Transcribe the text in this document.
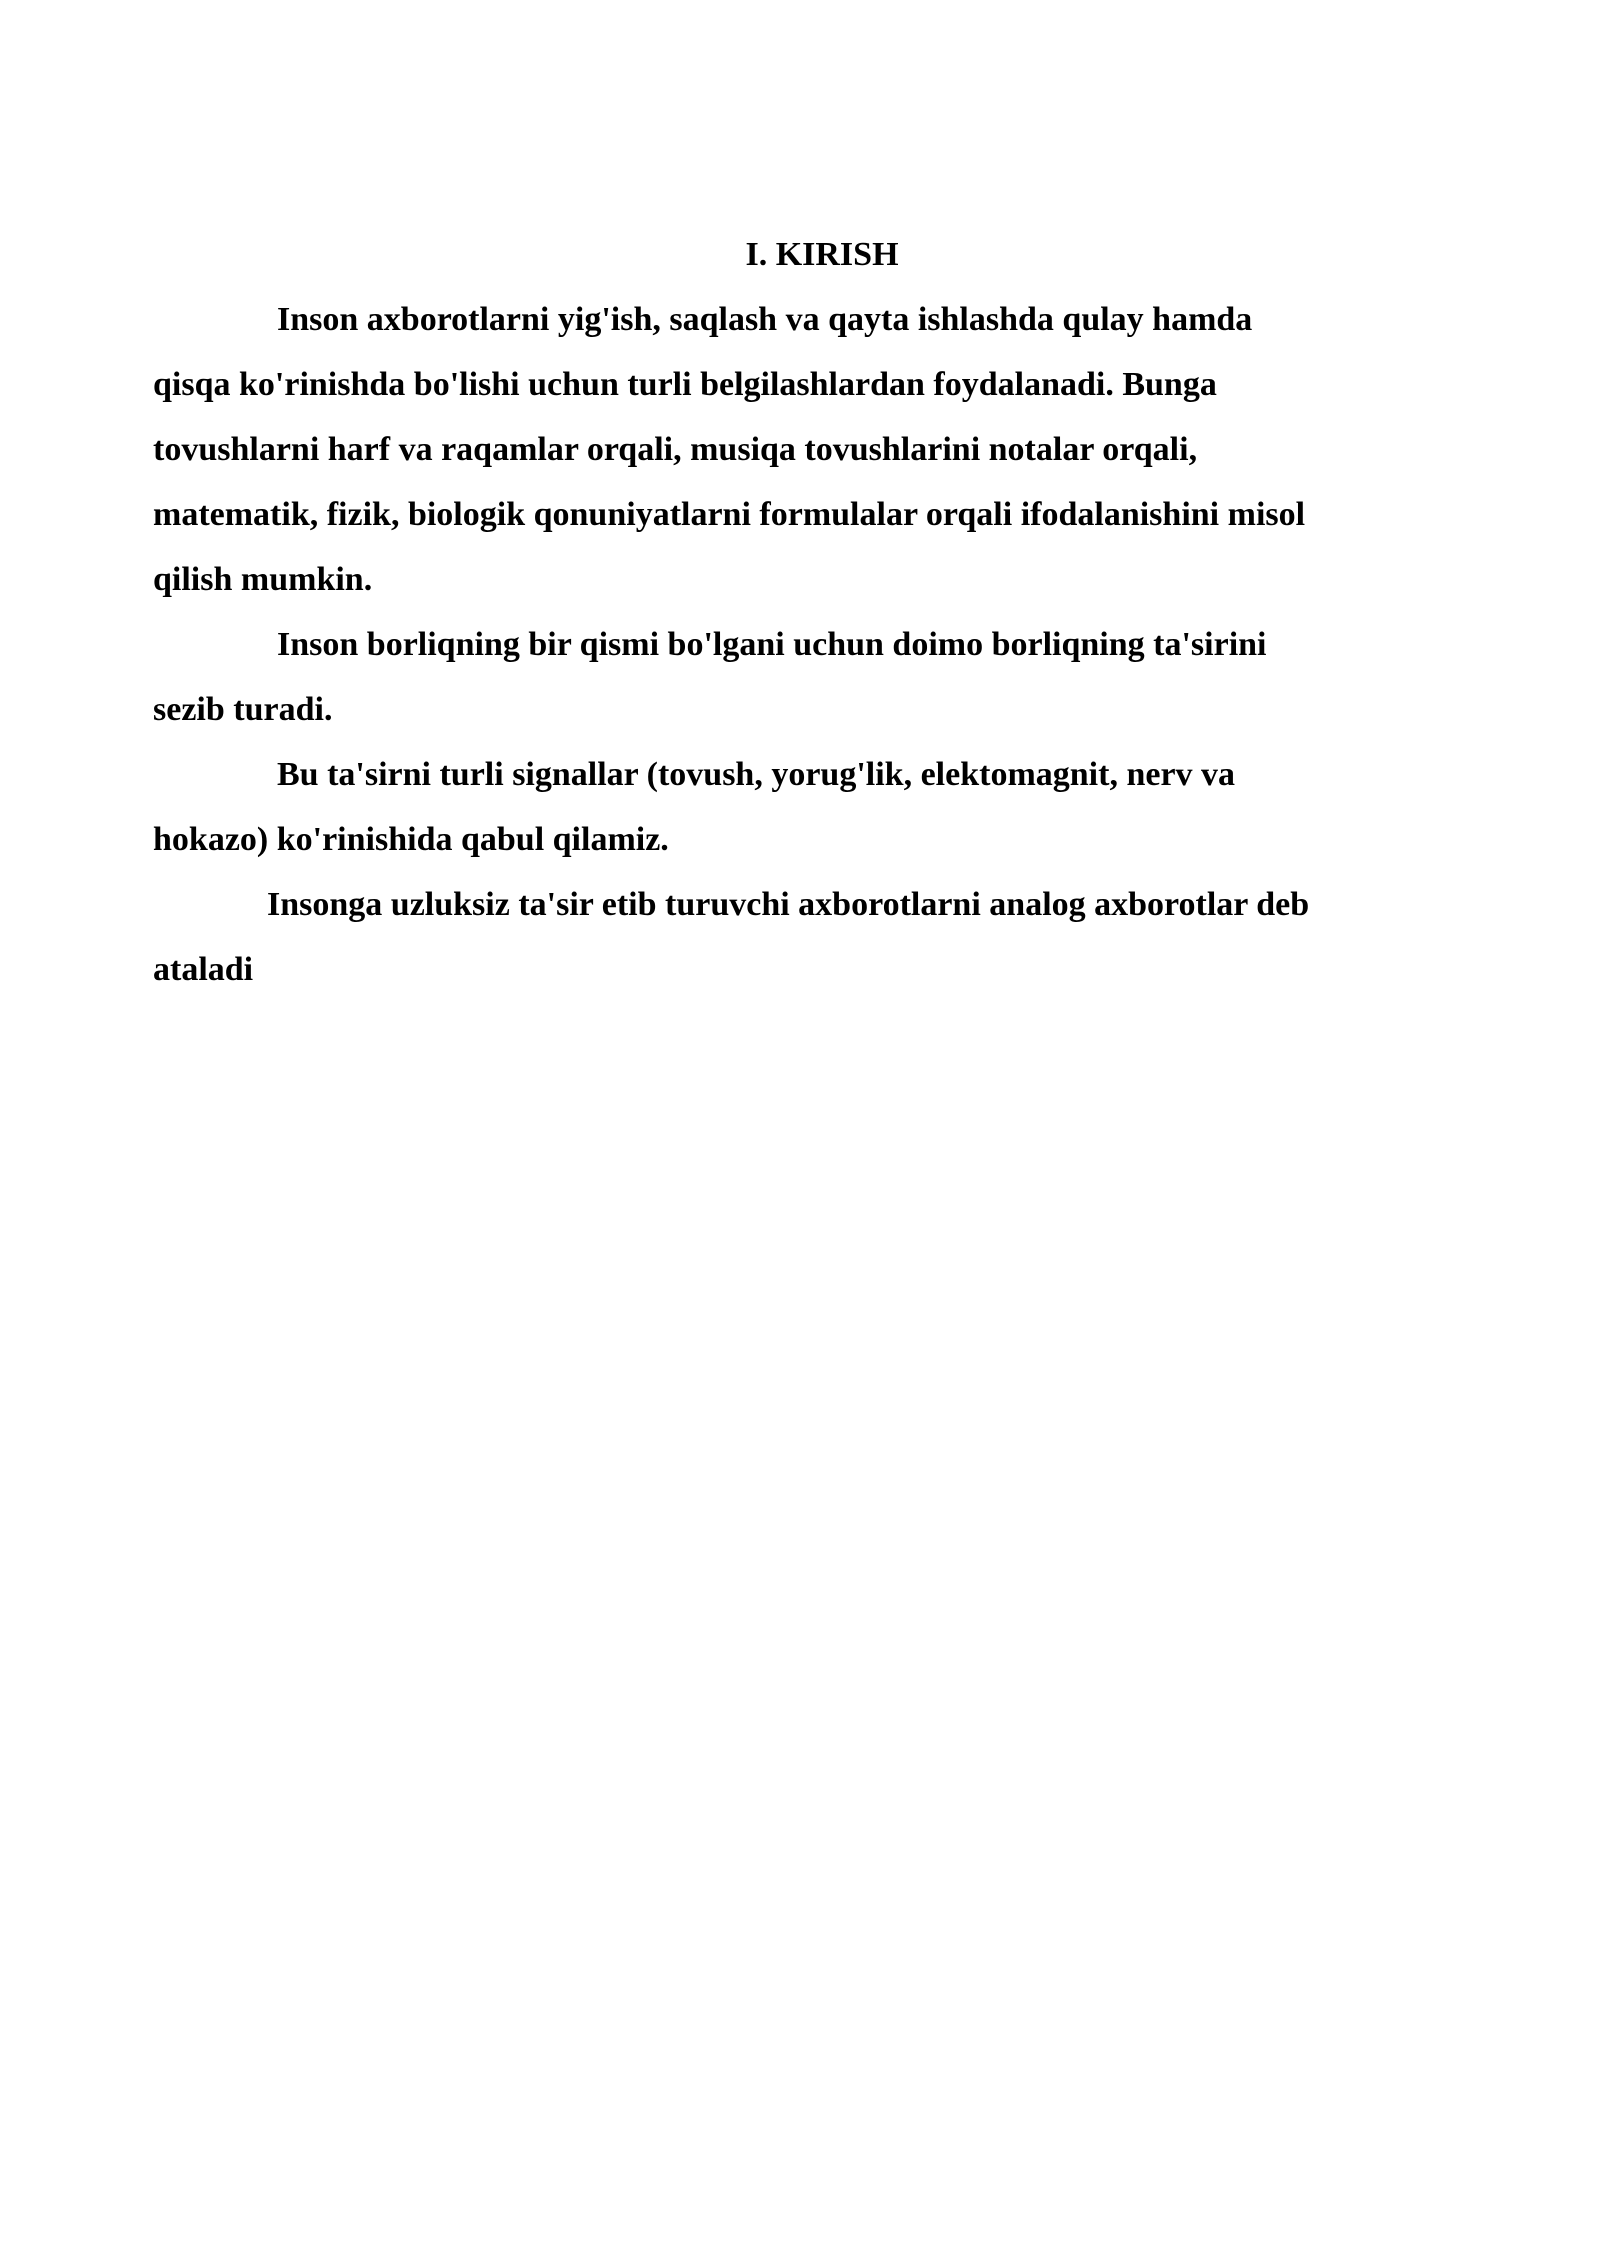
I. KIRISH

Inson axborotlarni yig'ish, saqlash va qayta ishlashda qulay hamda
qisqa ko'rinishda bo'lishi uchun turli belgilashlardan foydalanadi. Bunga
tovushlarni harf va raqamlar orqali, musiqa tovushlarini notalar orqali,
matematik, fizik, biologik qonuniyatlarni formulalar orqali ifodalanishini misol
qilish mumkin.

Inson borliqning bir qismi bo'lgani uchun doimo borliqning ta'sirini
sezib turadi.

Bu ta'sirni turli signallar (tovush, yorug'lik, elektomagnit, nerv va
hokazo) ko'rinishida qabul qilamiz.

Insonga uzluksiz ta'sir etib turuvchi axborotlarni analog axborotlar deb
ataladi
